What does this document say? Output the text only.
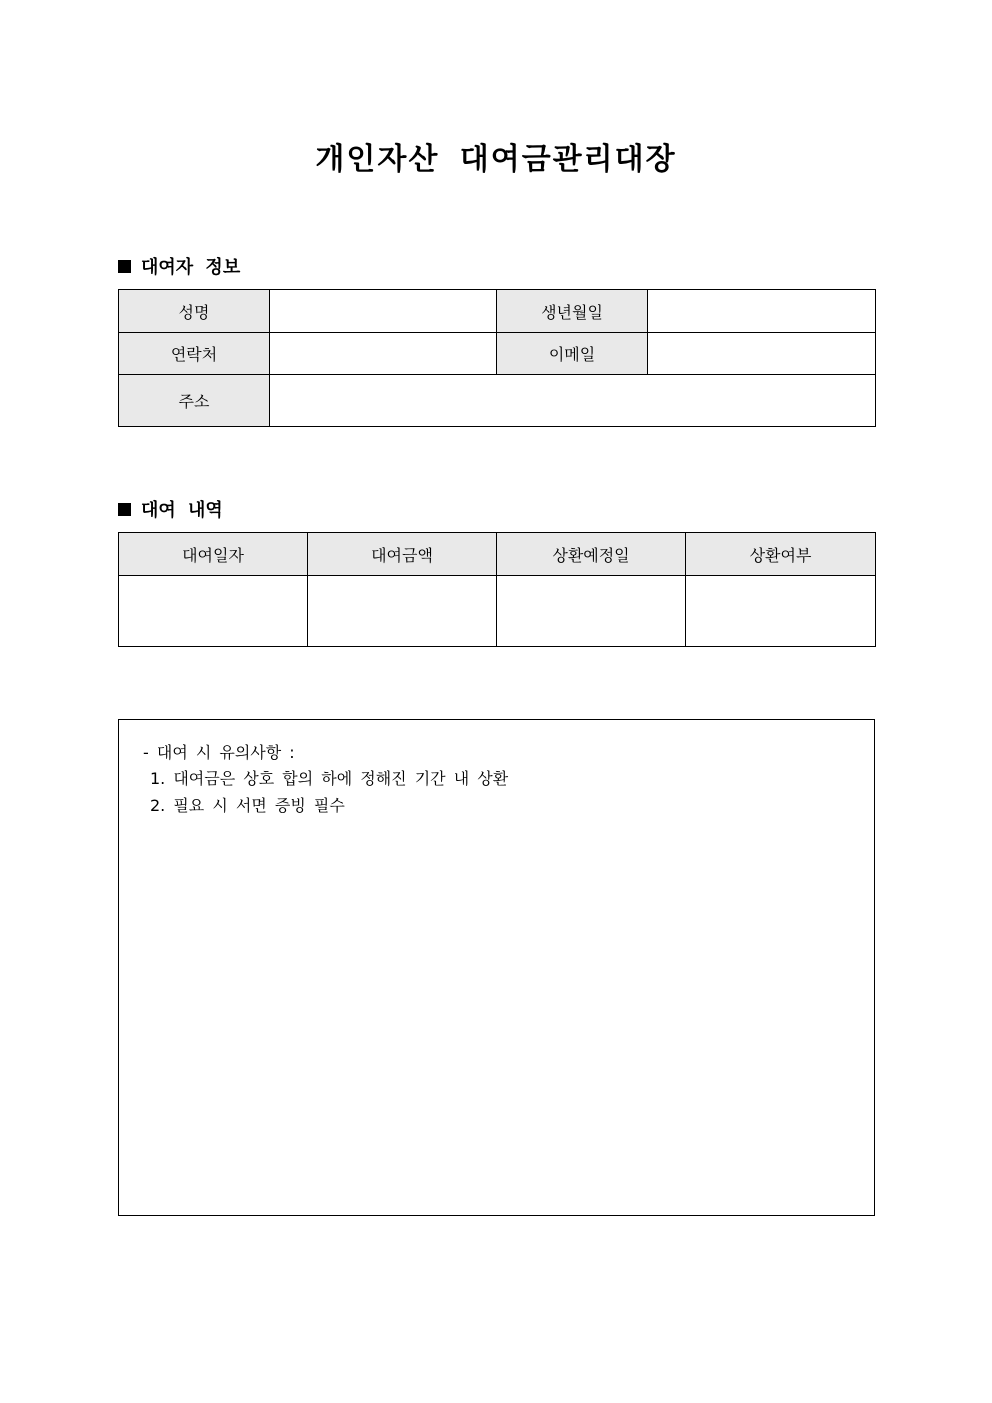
개인자산 대여금관리대장
대여자 정보
성명		생년월일	
연락처		이메일	
주소			
대여 내역
대여일자	대여금액	상환예정일	상환여부

- 대여 시 유의사항 :
1. 대여금은 상호 합의 하에 정해진 기간 내 상환
2. 필요 시 서면 증빙 필수
